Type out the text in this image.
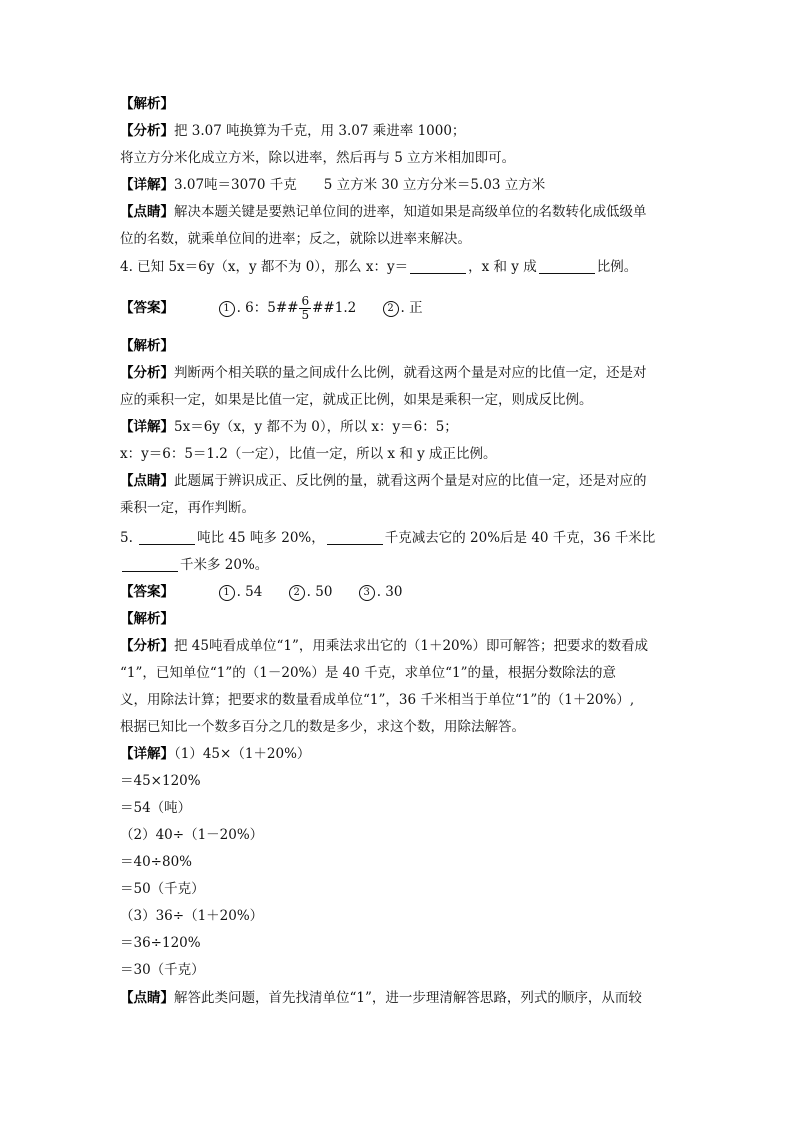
【解析】
【分析】把 3.07 吨换算为千克，用 3.07 乘进率 1000；
将立方分米化成立方米，除以进率，然后再与 5 立方米相加即可。
【详解】3.07吨＝3070 千克　　5 立方米 30 立方分米＝5.03 立方米
【点睛】解决本题关键是要熟记单位间的进率，知道如果是高级单位的名数转化成低级单
位的名数，就乘单位间的进率；反之，就除以进率来解决。
4. 已知 5x＝6y（x，y 都不为 0），那么 x：y＝	，x 和 y 成	比例。
【答案】	1 . 6：5## $\frac{6}{5}$ ##1.2	2 . 正
【解析】
【分析】判断两个相关联的量之间成什么比例，就看这两个量是对应的比值一定，还是对
应的乘积一定，如果是比值一定，就成正比例，如果是乘积一定，则成反比例。
【详解】5x＝6y（x，y 都不为 0），所以 x：y＝6：5；
x：y＝6：5＝1.2（一定），比值一定，所以 x 和 y 成正比例。
【点睛】此题属于辨识成正、反比例的量，就看这两个量是对应的比值一定，还是对应的
乘积一定，再作判断。
5.	吨比 45 吨多 20%，	千克减去它的 20%后是 40 千克，36 千米比
千米多 20%。
【答案】	1 . 54	2 . 50	3 . 30
【解析】
【分析】把 45吨看成单位“1”，用乘法求出它的（1＋20%）即可解答；把要求的数看成
“1”，已知单位“1”的（1－20%）是 40 千克，求单位“1”的量，根据分数除法的意
义，用除法计算；把要求的数量看成单位“1”，36 千米相当于单位“1”的（1＋20%）,
根据已知比一个数多百分之几的数是多少，求这个数，用除法解答。
【详解】（1）45×（1＋20%）
＝45×120%
＝54（吨）
（2）40÷（1－20%）
＝40÷80%
＝50（千克）
（3）36÷（1＋20%）
＝36÷120%
＝30（千克）
【点睛】解答此类问题，首先找清单位“1”，进一步理清解答思路，列式的顺序，从而较
